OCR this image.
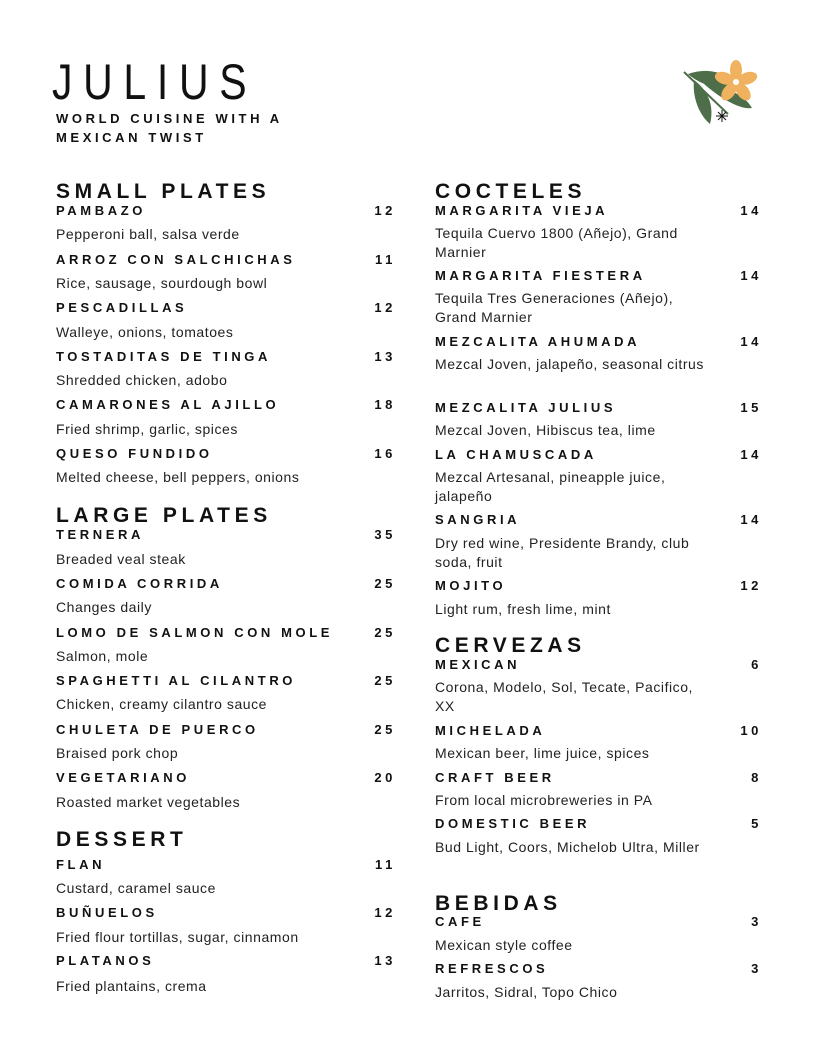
JULIUS
WORLD CUISINE WITH A MEXICAN TWIST
SMALL PLATES
PAMBAZO	12
Pepperoni ball, salsa verde
ARROZ CON SALCHICHAS	11
Rice, sausage, sourdough bowl
PESCADILLAS	12
Walleye, onions, tomatoes
TOSTADITAS DE TINGA	13
Shredded chicken, adobo
CAMARONES AL AJILLO	18
Fried shrimp, garlic, spices
QUESO FUNDIDO	16
Melted cheese, bell peppers, onions
LARGE PLATES
TERNERA	35
Breaded veal steak
COMIDA CORRIDA	25
Changes daily
LOMO DE SALMON CON MOLE	25
Salmon, mole
SPAGHETTI AL CILANTRO	25
Chicken, creamy cilantro sauce
CHULETA DE PUERCO	25
Braised pork chop
VEGETARIANO	20
Roasted market vegetables
DESSERT
FLAN	11
Custard, caramel sauce
BUÑUELOS	12
Fried flour tortillas, sugar, cinnamon
PLATANOS	13
Fried plantains, crema
COCTELES
MARGARITA VIEJA	14
Tequila Cuervo 1800 (Añejo), Grand Marnier
MARGARITA FIESTERA	14
Tequila Tres Generaciones (Añejo), Grand Marnier
MEZCALITA AHUMADA	14
Mezcal Joven, jalapeño, seasonal citrus
MEZCALITA JULIUS	15
Mezcal Joven, Hibiscus tea, lime
LA CHAMUSCADA	14
Mezcal Artesanal, pineapple juice, jalapeño
SANGRIA	14
Dry red wine, Presidente Brandy, club soda, fruit
MOJITO	12
Light rum, fresh lime, mint
CERVEZAS
MEXICAN	6
Corona, Modelo, Sol, Tecate, Pacifico, XX
MICHELADA	10
Mexican beer, lime juice, spices
CRAFT BEER	8
From local microbreweries in PA
DOMESTIC BEER	5
Bud Light, Coors, Michelob Ultra, Miller
BEBIDAS
CAFE	3
Mexican style coffee
REFRESCOS	3
Jarritos, Sidral, Topo Chico
